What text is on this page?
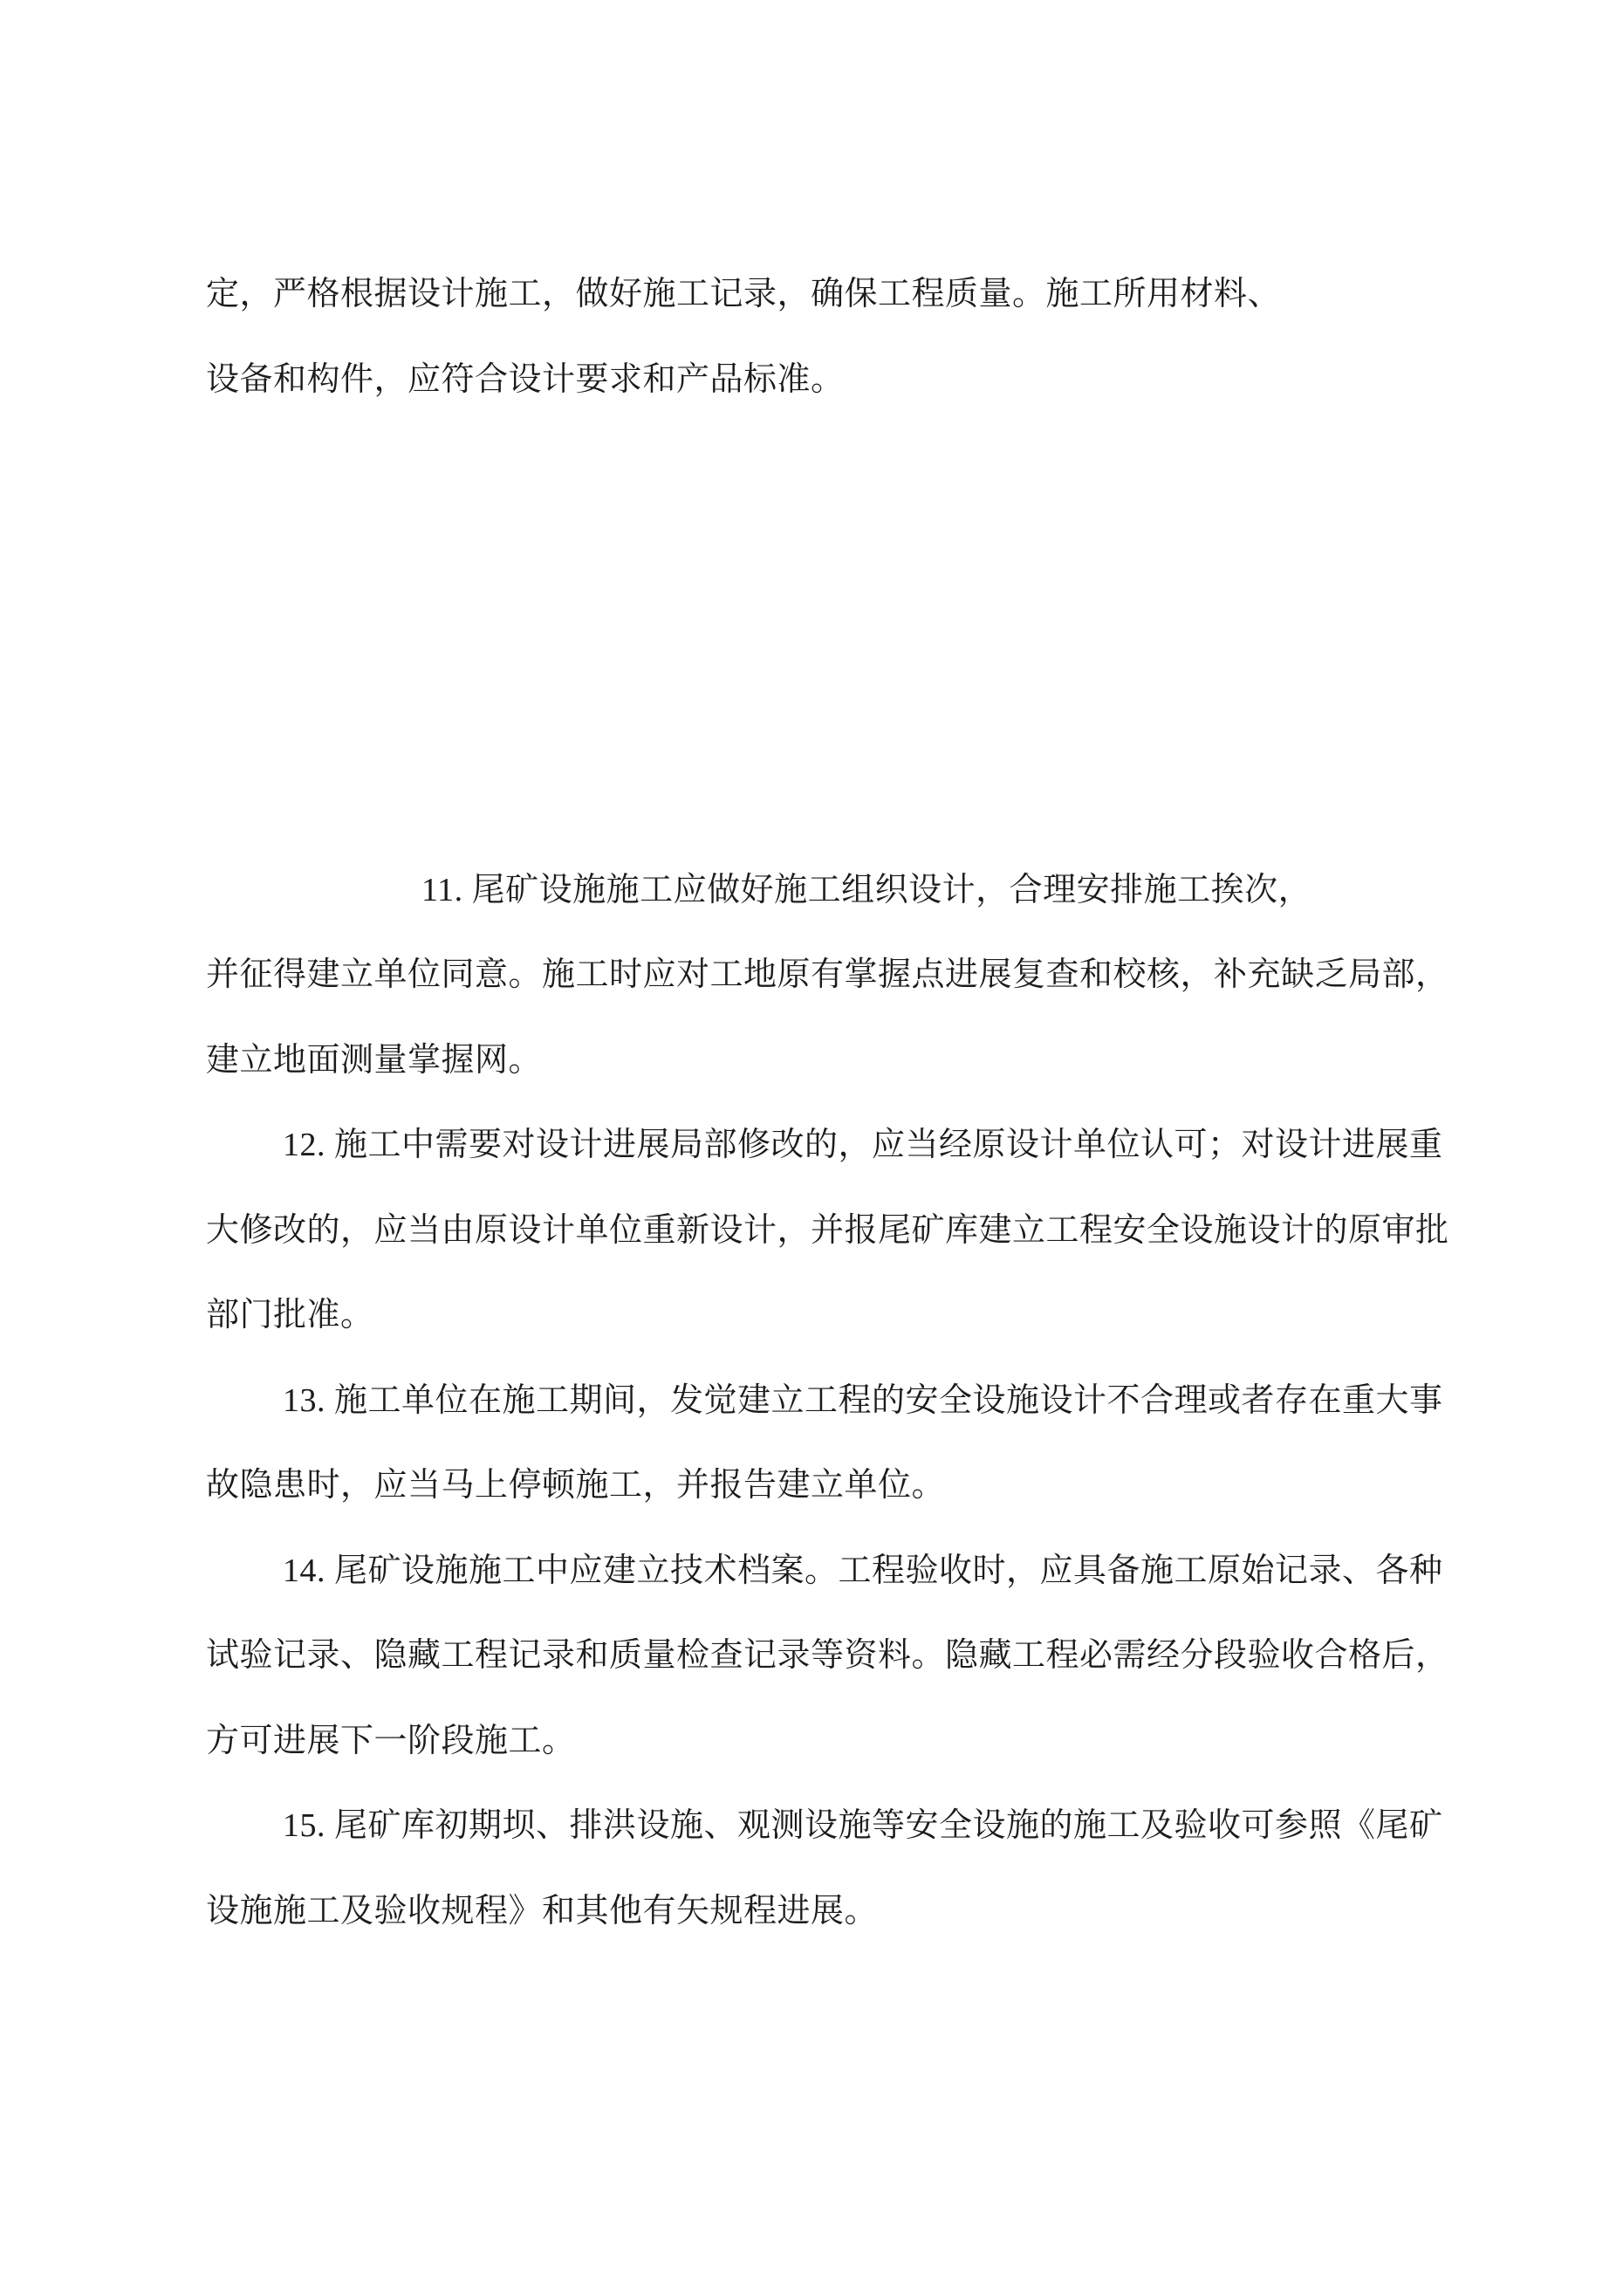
定，严格根据设计施工，做好施工记录，确保工程质量。施工所用材料、
设备和构件，应符合设计要求和产品标准。
11. 尾矿设施施工应做好施工组织设计，合理安排施工挨次，
并征得建立单位同意。施工时应对工地原有掌握点进展复查和校核，补充缺乏局部，
建立地面测量掌握网。
12. 施工中需要对设计进展局部修改的，应当经原设计单位认可；对设计进展重
大修改的，应当由原设计单位重新设计，并报尾矿库建立工程安全设施设计的原审批
部门批准。
13. 施工单位在施工期间，发觉建立工程的安全设施设计不合理或者存在重大事
故隐患时，应当马上停顿施工，并报告建立单位。
14. 尾矿设施施工中应建立技术档案。工程验收时，应具备施工原始记录、各种
试验记录、隐藏工程记录和质量检查记录等资料。隐藏工程必需经分段验收合格后，
方可进展下一阶段施工。
15. 尾矿库初期坝、排洪设施、观测设施等安全设施的施工及验收可参照《尾矿
设施施工及验收规程》和其他有矢规程进展。
